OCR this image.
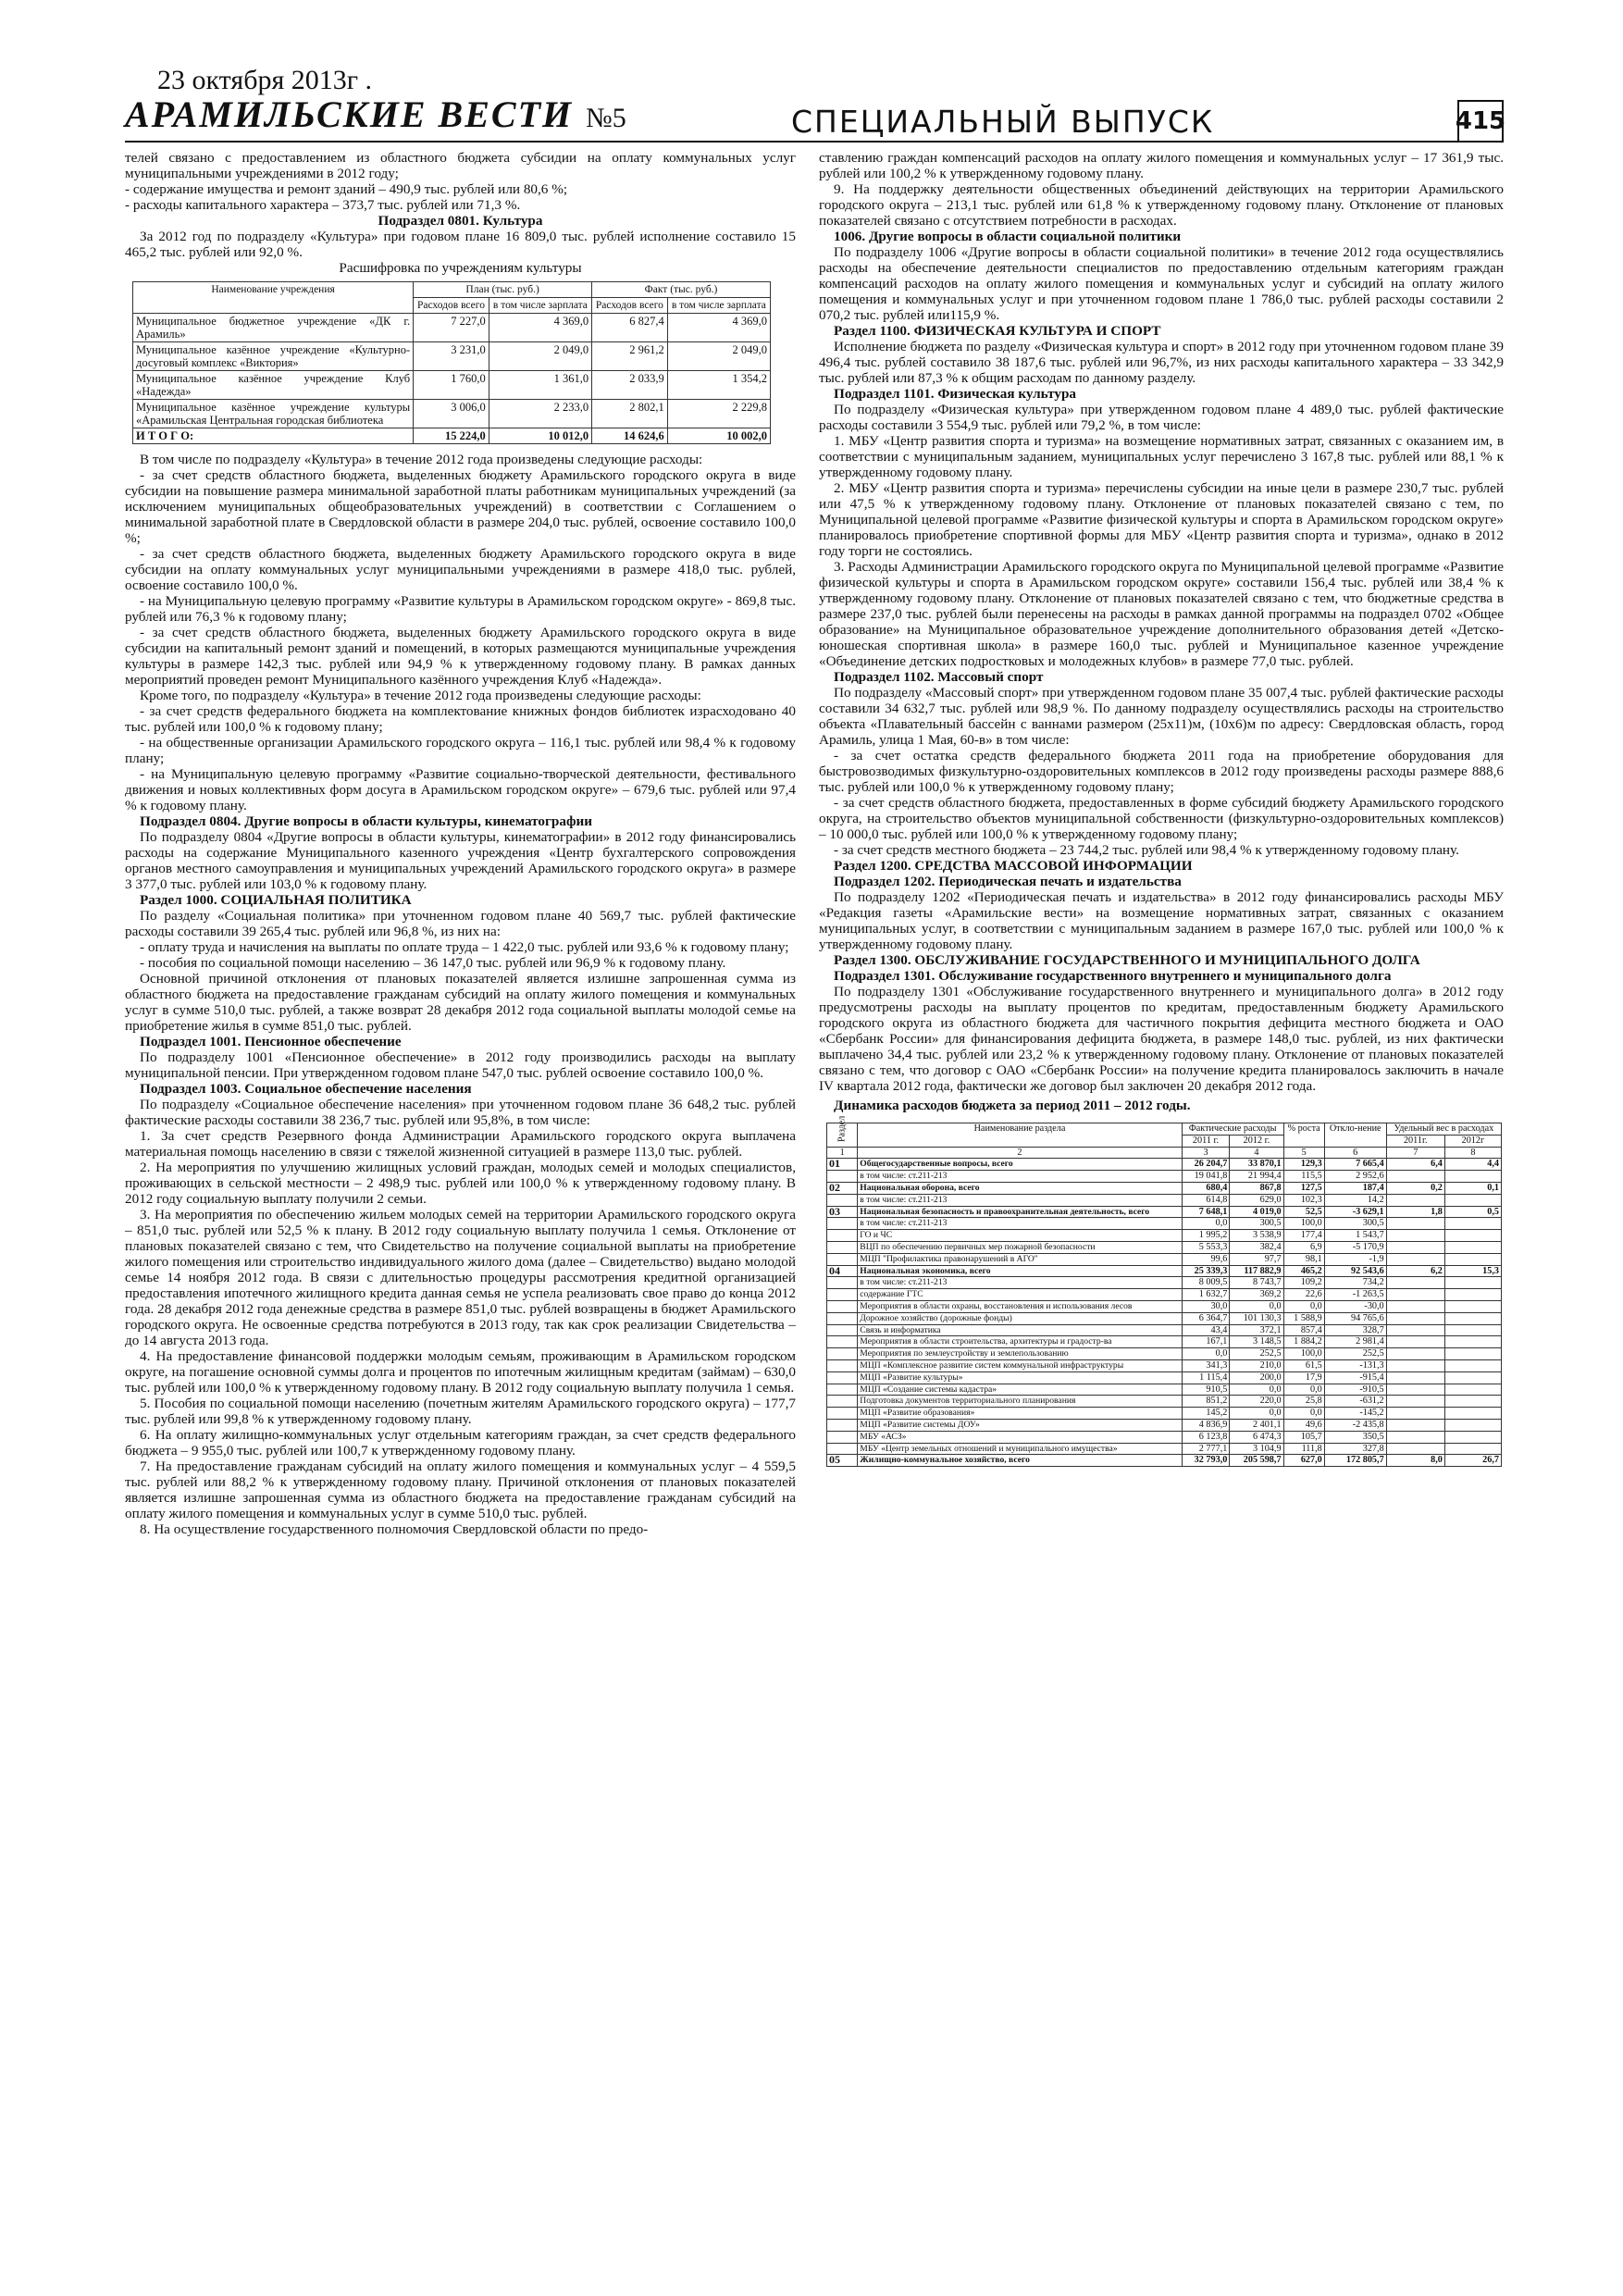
23 октября 2013г .
АРАМИЛЬСКИЕ ВЕСТИ №5	СПЕЦИАЛЬНЫЙ ВЫПУСК	415

телей связано с предоставлением из областного бюджета субсидии на оплату коммунальных услуг муниципальными учреждениями в 2012 году;

- содержание имущества и ремонт зданий – 490,9 тыс. рублей или 80,6 %;

- расходы капитального характера – 373,7 тыс. рублей или 71,3 %.

Подраздел 0801. Культура

За 2012 год по подразделу «Культура» при годовом плане 16 809,0 тыс. рублей исполнение составило 15 465,2 тыс. рублей или 92,0 %.

Расшифровка по учреждениям культуры

Наименование учреждения	План (тыс. руб.)		Факт (тыс. руб.)	
	Расходов всего	в том числе зарплата	Расходов всего	в том числе зарплата
Муниципальное бюджетное учреждение «ДК г. Арамиль»	7 227,0	4 369,0	6 827,4	4 369,0
Муниципальное казённое учреждение «Культурно-досуговый комплекс «Виктория»	3 231,0	2 049,0	2 961,2	2 049,0
Муниципальное казённое учреждение Клуб «Надежда»	1 760,0	1 361,0	2 033,9	1 354,2
Муниципальное казённое учреждение культуры «Арамильская Центральная городская библиотека	3 006,0	2 233,0	2 802,1	2 229,8
И Т О Г О:	15 224,0	10 012,0	14 624,6	10 002,0

В том числе по подразделу «Культура» в течение 2012 года произведены следующие расходы:

- за счет средств областного бюджета, выделенных бюджету Арамильского городского округа в виде субсидии на повышение размера минимальной заработной платы работникам муниципальных учреждений (за исключением муниципальных общеобразовательных учреждений) в соответствии с Соглашением о минимальной заработной плате в Свердловской области в размере 204,0 тыс. рублей, освоение составило 100,0 %;

- за счет средств областного бюджета, выделенных бюджету Арамильского городского округа в виде субсидии на оплату коммунальных услуг муниципальными учреждениями в размере 418,0 тыс. рублей, освоение составило 100,0 %.

- на Муниципальную целевую программу «Развитие культуры в Арамильском городском округе» - 869,8 тыс. рублей или 76,3 % к годовому плану;

- за счет средств областного бюджета, выделенных бюджету Арамильского городского округа в виде субсидии на капитальный ремонт зданий и помещений, в которых размещаются муниципальные учреждения культуры в размере 142,3 тыс. рублей или 94,9 % к утвержденному годовому плану. В рамках данных мероприятий проведен ремонт Муниципального казённого учреждения Клуб «Надежда».

Кроме того, по подразделу «Культура» в течение 2012 года произведены следующие расходы:

- за счет средств федерального бюджета на комплектование книжных фондов библиотек израсходовано 40 тыс. рублей или 100,0 % к годовому плану;

- на общественные организации Арамильского городского округа – 116,1 тыс. рублей или 98,4 % к годовому плану;

- на Муниципальную целевую программу «Развитие социально-творческой деятельности, фестивального движения и новых коллективных форм досуга в Арамильском городском округе» – 679,6 тыс. рублей или 97,4 % к годовому плану.

Подраздел 0804. Другие вопросы в области культуры, кинематографии

По подразделу 0804 «Другие вопросы в области культуры, кинематографии» в 2012 году финансировались расходы на содержание Муниципального казенного учреждения «Центр бухгалтерского сопровождения органов местного самоуправления и муниципальных учреждений Арамильского городского округа» в размере 3 377,0 тыс. рублей или 103,0 % к годовому плану.

Раздел 1000. СОЦИАЛЬНАЯ ПОЛИТИКА

По разделу «Социальная политика» при уточненном годовом плане 40 569,7 тыс. рублей фактические расходы составили 39 265,4 тыс. рублей или 96,8 %, из них на:

- оплату труда и начисления на выплаты по оплате труда – 1 422,0 тыс. рублей или 93,6 % к годовому плану;

- пособия по социальной помощи населению – 36 147,0 тыс. рублей или 96,9 % к годовому плану.

Основной причиной отклонения от плановых показателей является излишне запрошенная сумма из областного бюджета на предоставление гражданам субсидий на оплату жилого помещения и коммунальных услуг в сумме 510,0 тыс. рублей, а также возврат 28 декабря 2012 года социальной выплаты молодой семье на приобретение жилья в сумме 851,0 тыс. рублей.

Подраздел 1001. Пенсионное обеспечение

По подразделу 1001 «Пенсионное обеспечение» в 2012 году производились расходы на выплату муниципальной пенсии. При утвержденном годовом плане 547,0 тыс. рублей освоение составило 100,0 %.

Подраздел 1003. Социальное обеспечение населения

По подразделу «Социальное обеспечение населения» при уточненном годовом плане 36 648,2 тыс. рублей фактические расходы составили 38 236,7 тыс. рублей или 95,8%, в том числе:

1. За счет средств Резервного фонда Администрации Арамильского городского округа выплачена материальная помощь населению в связи с тяжелой жизненной ситуацией в размере 113,0 тыс. рублей.

2. На мероприятия по улучшению жилищных условий граждан, молодых семей и молодых специалистов, проживающих в сельской местности – 2 498,9 тыс. рублей или 100,0 % к утвержденному годовому плану. В 2012 году социальную выплату получили 2 семьи.

3. На мероприятия по обеспечению жильем молодых семей на территории Арамильского городского округа – 851,0 тыс. рублей или 52,5 % к плану. В 2012 году социальную выплату получила 1 семья. Отклонение от плановых показателей связано с тем, что Свидетельство на получение социальной выплаты на приобретение жилого помещения или строительство индивидуального жилого дома (далее – Свидетельство) выдано молодой семье 14 ноября 2012 года. В связи с длительностью процедуры рассмотрения кредитной организацией предоставления ипотечного жилищного кредита данная семья не успела реализовать свое право до конца 2012 года. 28 декабря 2012 года денежные средства в размере 851,0 тыс. рублей возвращены в бюджет Арамильского городского округа. Не освоенные средства потребуются в 2013 году, так как срок реализации Свидетельства – до 14 августа 2013 года.

4. На предоставление финансовой поддержки молодым семьям, проживающим в Арамильском городском округе, на погашение основной суммы долга и процентов по ипотечным жилищным кредитам (займам) – 630,0 тыс. рублей или 100,0 % к утвержденному годовому плану. В 2012 году социальную выплату получила 1 семья.

5. Пособия по социальной помощи населению (почетным жителям Арамильского городского округа) – 177,7 тыс. рублей или 99,8 % к утвержденному годовому плану.

6. На оплату жилищно-коммунальных услуг отдельным категориям граждан, за счет средств федерального бюджета – 9 955,0 тыс. рублей или 100,7 к утвержденному годовому плану.

7. На предоставление гражданам субсидий на оплату жилого помещения и коммунальных услуг – 4 559,5 тыс. рублей или 88,2 % к утвержденному годовому плану. Причиной отклонения от плановых показателей является излишне запрошенная сумма из областного бюджета на предоставление гражданам субсидий на оплату жилого помещения и коммунальных услуг в сумме 510,0 тыс. рублей.

8. На осуществление государственного полномочия Свердловской области по предо-

ставлению граждан компенсаций расходов на оплату жилого помещения и коммунальных услуг – 17 361,9 тыс. рублей или 100,2 % к утвержденному годовому плану.

9. На поддержку деятельности общественных объединений действующих на территории Арамильского городского округа – 213,1 тыс. рублей или 61,8 % к утвержденному годовому плану. Отклонение от плановых показателей связано с отсутствием потребности в расходах.

1006. Другие вопросы в области социальной политики

По подразделу 1006 «Другие вопросы в области социальной политики» в течение 2012 года осуществлялись расходы на обеспечение деятельности специалистов по предоставлению отдельным категориям граждан компенсаций расходов на оплату жилого помещения и коммунальных услуг и субсидий на оплату жилого помещения и коммунальных услуг и при уточненном годовом плане 1 786,0 тыс. рублей расходы составили 2 070,2 тыс. рублей или115,9 %.

Раздел 1100. ФИЗИЧЕСКАЯ КУЛЬТУРА И СПОРТ

Исполнение бюджета по разделу «Физическая культура и спорт» в 2012 году при уточненном годовом плане 39 496,4 тыс. рублей составило 38 187,6 тыс. рублей или 96,7%, из них расходы капитального характера – 33 342,9 тыс. рублей или 87,3 % к общим расходам по данному разделу.

Подраздел 1101. Физическая культура

По подразделу «Физическая культура» при утвержденном годовом плане 4 489,0 тыс. рублей фактические расходы составили 3 554,9 тыс. рублей или 79,2 %, в том числе:

1. МБУ «Центр развития спорта и туризма» на возмещение нормативных затрат, связанных с оказанием им, в соответствии с муниципальным заданием, муниципальных услуг перечислено 3 167,8 тыс. рублей или 88,1 % к утвержденному годовому плану.

2. МБУ «Центр развития спорта и туризма» перечислены субсидии на иные цели в размере 230,7 тыс. рублей или 47,5 % к утвержденному годовому плану. Отклонение от плановых показателей связано с тем, по Муниципальной целевой программе «Развитие физической культуры и спорта в Арамильском городском округе» планировалось приобретение спортивной формы для МБУ «Центр развития спорта и туризма», однако в 2012 году торги не состоялись.

3. Расходы Администрации Арамильского городского округа по Муниципальной целевой программе «Развитие физической культуры и спорта в Арамильском городском округе» составили 156,4 тыс. рублей или 38,4 % к утвержденному годовому плану. Отклонение от плановых показателей связано с тем, что бюджетные средства в размере 237,0 тыс. рублей были перенесены на расходы в рамках данной программы на подраздел 0702 «Общее образование» на Муниципальное образовательное учреждение дополнительного образования детей «Детско-юношеская спортивная школа» в размере 160,0 тыс. рублей и Муниципальное казенное учреждение «Объединение детских подростковых и молодежных клубов» в размере 77,0 тыс. рублей.

Подраздел 1102. Массовый спорт

По подразделу «Массовый спорт» при утвержденном годовом плане 35 007,4 тыс. рублей фактические расходы составили 34 632,7 тыс. рублей или 98,9 %. По данному подразделу осуществлялись расходы на строительство объекта «Плавательный бассейн с ваннами размером (25х11)м, (10х6)м по адресу: Свердловская область, город Арамиль, улица 1 Мая, 60-в» в том числе:

- за счет остатка средств федерального бюджета 2011 года на приобретение оборудования для быстровозводимых физкультурно-оздоровительных комплексов в 2012 году произведены расходы размере 888,6 тыс. рублей или 100,0 % к утвержденному годовому плану;

- за счет средств областного бюджета, предоставленных в форме субсидий бюджету Арамильского городского округа, на строительство объектов муниципальной собственности (физкультурно-оздоровительных комплексов) – 10 000,0 тыс. рублей или 100,0 % к утвержденному годовому плану;

- за счет средств местного бюджета – 23 744,2 тыс. рублей или 98,4 % к утвержденному годовому плану.

Раздел 1200. СРЕДСТВА МАССОВОЙ ИНФОРМАЦИИ

Подраздел 1202. Периодическая печать и издательства

По подразделу 1202 «Периодическая печать и издательства» в 2012 году финансировались расходы МБУ «Редакция газеты «Арамильские вести» на возмещение нормативных затрат, связанных с оказанием муниципальных услуг, в соответствии с муниципальным заданием в размере 167,0 тыс. рублей или 100,0 % к утвержденному годовому плану.

Раздел 1300. ОБСЛУЖИВАНИЕ ГОСУДАРСТВЕННОГО И МУНИЦИПАЛЬНОГО ДОЛГА

Подраздел 1301. Обслуживание государственного внутреннего и муниципального долга

По подразделу 1301 «Обслуживание государственного внутреннего и муниципального долга» в 2012 году предусмотрены расходы на выплату процентов по кредитам, предоставленным бюджету Арамильского городского округа из областного бюджета для частичного покрытия дефицита местного бюджета и ОАО «Сбербанк России» для финансирования дефицита бюджета, в размере 148,0 тыс. рублей, из них фактически выплачено 34,4 тыс. рублей или 23,2 % к утвержденному годовому плану. Отклонение от плановых показателей связано с тем, что договор с ОАО «Сбербанк России» на получение кредита планировалось заключить в начале IV квартала 2012 года, фактически же договор был заключен 20 декабря 2012 года.

Динамика расходов бюджета за период 2011 – 2012 годы.

Раздел	Наименование раздела	Фактические расходы		% роста	Откло-нение	Удельный вес в расходах	
		2011 г.	2012 г.			2011г.	2012г
1	2	3	4	5	6	7	8
01	Общегосударственные вопросы, всего	26 204,7	33 870,1	129,3	7 665,4	6,4	4,4
	в том числе: ст.211-213	19 041,8	21 994,4	115,5	2 952,6		
02	Национальная оборона, всего	680,4	867,8	127,5	187,4	0,2	0,1
	в том числе: ст.211-213	614,8	629,0	102,3	14,2		
03	Национальная безопасность и правоохранительная деятельность, всего	7 648,1	4 019,0	52,5	-3 629,1	1,8	0,5
	в том числе: ст.211-213	0,0	300,5	100,0	300,5		
	ГО и ЧС	1 995,2	3 538,9	177,4	1 543,7		
	ВЦП по обеспечению первичных мер пожарной безопасности	5 553,3	382,4	6,9	-5 170,9		
	МЦП "Профилактика правонарушений в АГО"	99,6	97,7	98,1	-1,9		
04	Национальная экономика, всего	25 339,3	117 882,9	465,2	92 543,6	6,2	15,3
	в том числе: ст.211-213	8 009,5	8 743,7	109,2	734,2		
	содержание ГТС	1 632,7	369,2	22,6	-1 263,5		
	Мероприятия в области охраны, восстановления и использования лесов	30,0	0,0	0,0	-30,0		
	Дорожное хозяйство (дорожные фонды)	6 364,7	101 130,3	1 588,9	94 765,6		
	Связь и информатика	43,4	372,1	857,4	328,7		
	Мероприятия в области строительства, архитектуры и градостр-ва	167,1	3 148,5	1 884,2	2 981,4		
	Мероприятия по землеустройству и землепользованию	0,0	252,5	100,0	252,5		
	МЦП «Комплексное развитие систем коммунальной инфраструктуры	341,3	210,0	61,5	-131,3		
	МЦП «Развитие культуры»	1 115,4	200,0	17,9	-915,4		
	МЦП «Создание системы кадастра»	910,5	0,0	0,0	-910,5		
	Подготовка документов территориального планирования	851,2	220,0	25,8	-631,2		
	МЦП «Развитие образования»	145,2	0,0	0,0	-145,2		
	МЦП «Развитие системы ДОУ»	4 836,9	2 401,1	49,6	-2 435,8		
	МБУ «АСЗ»	6 123,8	6 474,3	105,7	350,5		
	МБУ «Центр земельных отношений и муниципального имущества»	2 777,1	3 104,9	111,8	327,8		
05	Жилищно-коммунальное хозяйство, всего	32 793,0	205 598,7	627,0	172 805,7	8,0	26,7
